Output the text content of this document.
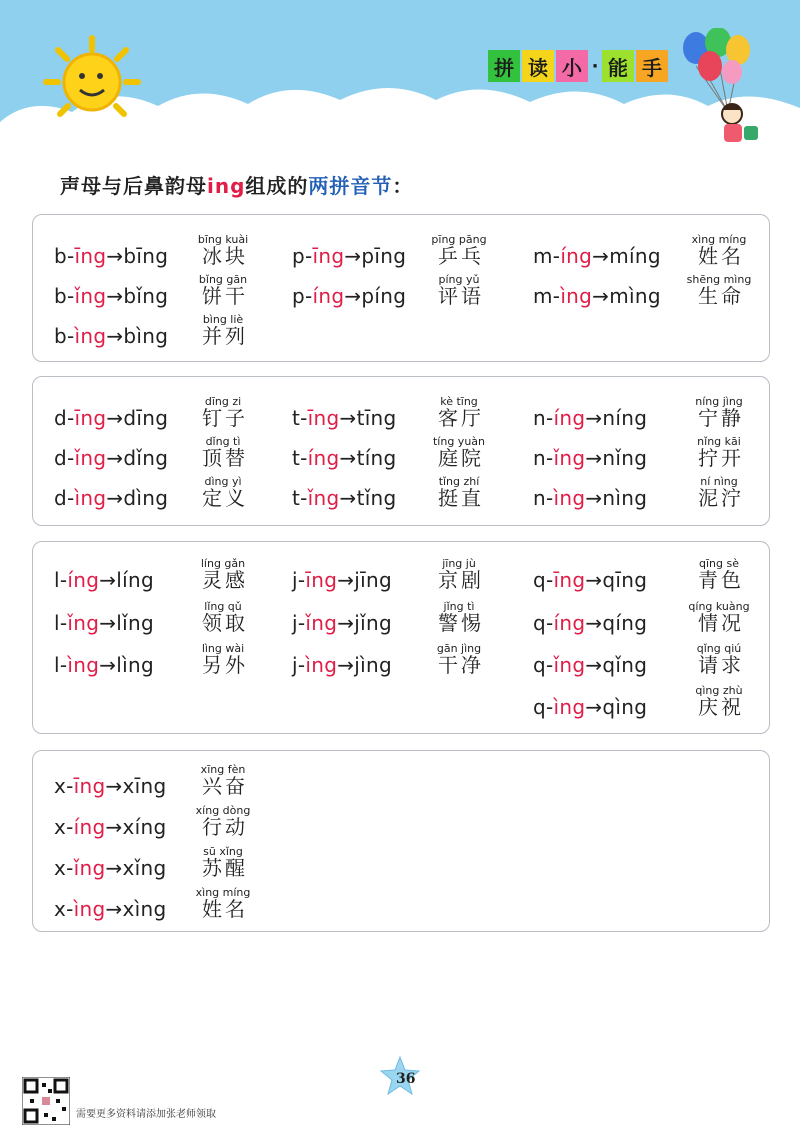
拼 读 小 · 能 手
声母与后鼻韵母ing组成的两拼音节：
b-īng→bīng
bīng kuài
冰块 p-īng→pīng
pīng pāng
乒乓 m-íng→míng
xìng míng
姓名
b-ǐng→bǐng
bǐng gān
饼干 p-íng→píng
píng yǔ
评语 m-ìng→mìng
shēng mìng
生命
b-ìng→bìng
bìng liè
并列
d-īng→dīng
dīng zi
钉子 t-īng→tīng
kè tīng
客厅 n-íng→níng
níng jìng
宁静
d-ǐng→dǐng
dǐng tì
顶替 t-íng→tíng
tíng yuàn
庭院 n-ǐng→nǐng
nǐng kāi
拧开
d-ìng→dìng
dìng yì
定义 t-ǐng→tǐng
tǐng zhí
挺直 n-ìng→nìng
ní nìng
泥泞
l-íng→líng
líng gǎn
灵感 j-īng→jīng
jīng jù
京剧 q-īng→qīng
qīng sè
青色
l-ǐng→lǐng
lǐng qǔ
领取 j-ǐng→jǐng
jǐng tì
警惕 q-íng→qíng
qíng kuàng
情况
l-ìng→lìng
lìng wài
另外 j-ìng→jìng
gān jìng
干净 q-ǐng→qǐng
qǐng qiú
请求
q-ìng→qìng
qìng zhù
庆祝
x-īng→xīng
xīng fèn
兴奋
x-íng→xíng
xíng dòng
行动
x-ǐng→xǐng
sū xǐng
苏醒
x-ìng→xìng
xìng míng
姓名
需要更多资料请添加张老师领取
36
